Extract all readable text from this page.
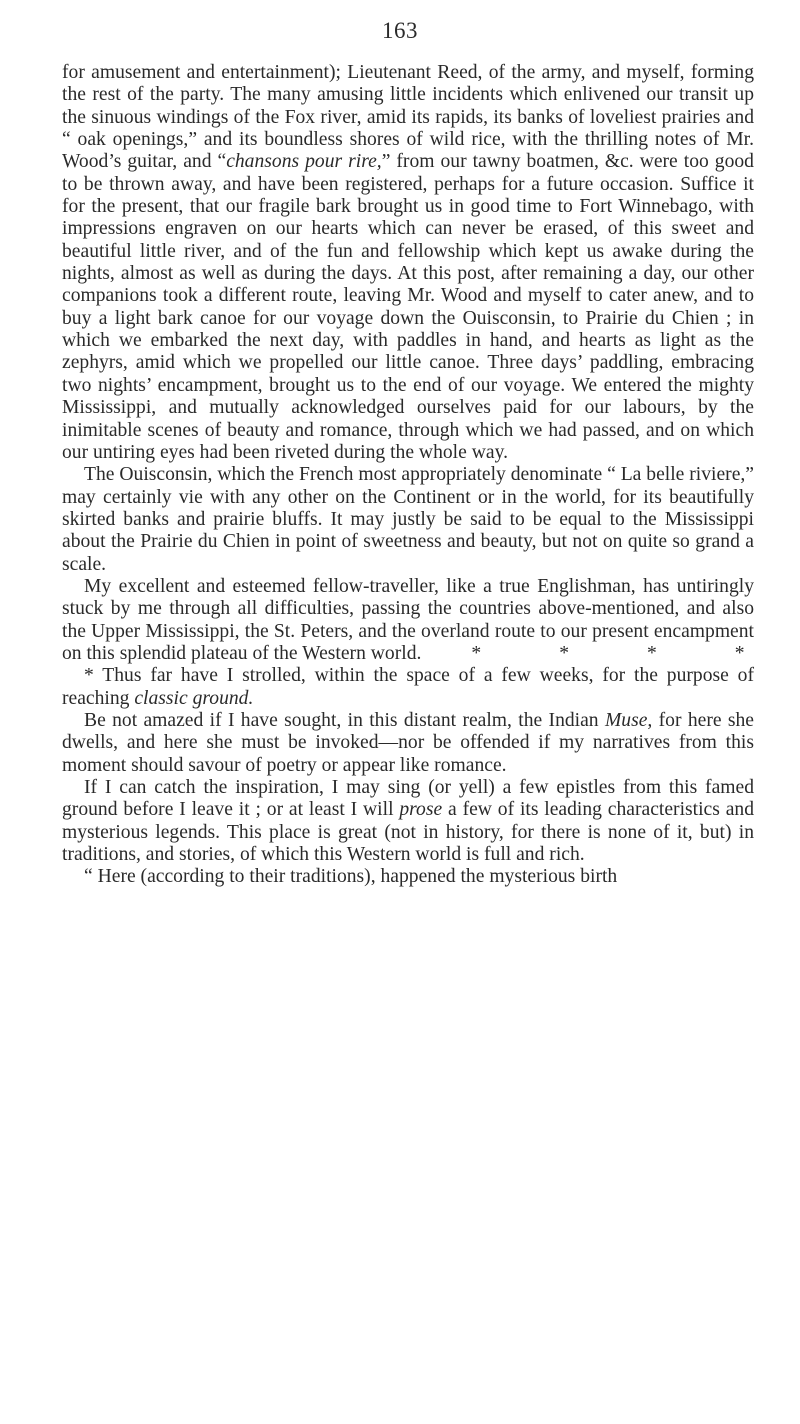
163

for amusement and entertainment); Lieutenant Reed, of the army, and myself, forming the rest of the party. The many amusing little incidents which enlivened our transit up the sinuous windings of the Fox river, amid its rapids, its banks of loveliest prairies and “ oak openings,” and its boundless shores of wild rice, with the thrilling notes of Mr. Wood’s guitar, and “chansons pour rire,” from our tawny boatmen, &c. were too good to be thrown away, and have been registered, perhaps for a future occasion. Suffice it for the present, that our fragile bark brought us in good time to Fort Winnebago, with impressions engraven on our hearts which can never be erased, of this sweet and beautiful little river, and of the fun and fellowship which kept us awake during the nights, almost as well as during the days. At this post, after remaining a day, our other companions took a different route, leaving Mr. Wood and myself to cater anew, and to buy a light bark canoe for our voyage down the Ouisconsin, to Prairie du Chien ; in which we embarked the next day, with paddles in hand, and hearts as light as the zephyrs, amid which we propelled our little canoe. Three days’ paddling, embracing two nights’ encampment, brought us to the end of our voyage. We entered the mighty Mississippi, and mutually acknowledged ourselves paid for our labours, by the inimitable scenes of beauty and romance, through which we had passed, and on which our untiring eyes had been riveted during the whole way.

The Ouisconsin, which the French most appropriately denominate “ La belle riviere,” may certainly vie with any other on the Continent or in the world, for its beautifully skirted banks and prairie bluffs. It may justly be said to be equal to the Mississippi about the Prairie du Chien in point of sweetness and beauty, but not on quite so grand a scale.

My excellent and esteemed fellow-traveller, like a true Englishman, has untiringly stuck by me through all difficulties, passing the countries above-mentioned, and also the Upper Mississippi, the St. Peters, and the overland route to our present encampment on this splendid plateau of the Western world.	*	*	*	*

* Thus far have I strolled, within the space of a few weeks, for the purpose of reaching classic ground.

Be not amazed if I have sought, in this distant realm, the Indian Muse, for here she dwells, and here she must be invoked—nor be offended if my narratives from this moment should savour of poetry or appear like romance.

If I can catch the inspiration, I may sing (or yell) a few epistles from this famed ground before I leave it ; or at least I will prose a few of its leading characteristics and mysterious legends. This place is great (not in history, for there is none of it, but) in traditions, and stories, of which this Western world is full and rich.

“ Here (according to their traditions), happened the mysterious birth
